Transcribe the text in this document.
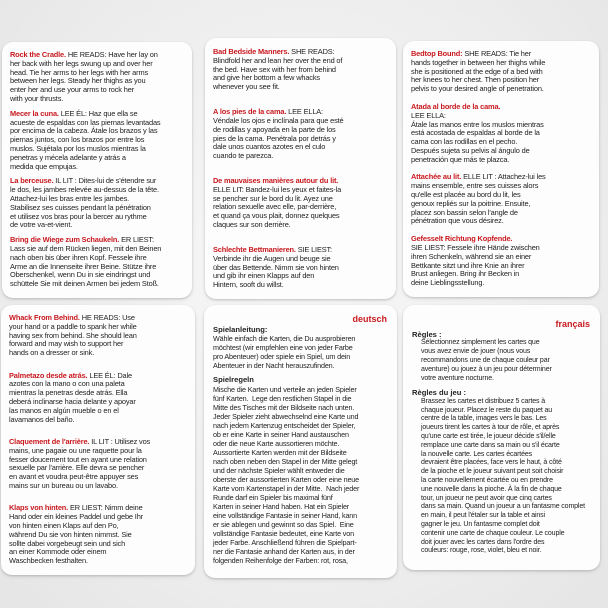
Rock the Cradle. HE READS: Have her lay on
her back with her legs swung up and over her
head. Tie her arms to her legs with her arms
between her legs. Steady her thighs as you
enter her and use your arms to rock her
with your thrusts.
Mecer la cuna. LEE ÉL: Haz que ella se
acueste de espaldas con las piernas levantadas
por encima de la cabeza. Átale los brazos y las
piernas juntos, con los brazos por entre los
muslos. Sujétala por los muslos mientras la
penetras y mécela adelante y atrás a
medida que empujas.
La berceuse. IL LIT : Dites-lui de s'étendre sur
le dos, les jambes relevée au-dessus de la tête.
Attachez-lui les bras entre les jambes.
Stabilisez ses cuisses pendant la pénétration
et utilisez vos bras pour la bercer au rythme
de votre va-et-vient.
Bring die Wiege zum Schaukeln. ER LIEST:
Lass sie auf dem Rücken liegen, mit den Beinen
nach oben bis über ihren Kopf. Fessele ihre
Arme an die Innenseite ihrer Beine. Stütze ihre
Oberschenkel, wenn Du in sie eindringst und
schüttele Sie mit deinen Armen bei jedem Stoß.
Bad Bedside Manners. SHE READS:
Blindfold her and lean her over the end of
the bed. Have sex with her from behind
and give her bottom a few whacks
whenever you see fit.
A los pies de la cama. LEE ELLA:
Véndale los ojos e inclínala para que esté
de rodillas y apoyada en la parte de los
pies de la cama. Penétrala por detrás y
dale unos cuantos azotes en el culo
cuando te parezca.
De mauvaises manières autour du lit.
ELLE LIT: Bandez-lui les yeux et faites-la
se pencher sur le bord du lit. Ayez une
relation sexuelle avec elle, par-derrière,
et quand ça vous plait, donnez quelques
claques sur son derrière.
Schlechte Bettmanieren. SIE LIEST:
Verbinde ihr die Augen und beuge sie
über das Bettende. Nimm sie von hinten
und gib ihr einen Klapps auf den
Hintern, sooft du willst.
Bedtop Bound: SHE READS: Tie her
hands together in between her thighs while
she is positioned at the edge of a bed with
her knees to her chest. Then position her
pelvis to your desired angle of penetration.
Atada al borde de la cama.
LEE ELLA:
Átale las manos entre los muslos mientras
está acostada de espaldas al borde de la
cama con las rodillas en el pecho.
Después sujeta su pelvis al ángulo de
penetración que más te plazca.
Attachée au lit. ELLE LIT : Attachez-lui les
mains ensemble, entre ses cuisses alors
qu'elle est placée au bord du lit, les
genoux repliés sur la poitrine. Ensuite,
placez son bassin selon l'angle de
pénétration que vous désirez.
Gefesselt Richtung Kopfende.
SIE LIEST: Fessele ihre Hände zwischen
ihren Schenkeln, während sie an einer
Bettkante sitzt und ihre Knie an ihrer
Brust anliegen. Bring ihr Becken in
deine Lieblingsstellung.
Whack From Behind. HE READS: Use
your hand or a paddle to spank her while
having sex from behind. She should lean
forward and may wish to support her
hands on a dresser or sink.
Palmetazo desde atrás. LEE ÉL: Dale
azotes con la mano o con una paleta
mientras la penetras desde atrás. Ella
deberá inclinarse hacia delante y apoyar
las manos en algún mueble o en el
lavamanos del baño.
Claquement de l'arrière. IL LIT : Utilisez vos
mains, une pagaie ou une raquette pour la
fesser doucement tout en ayant une relation
sexuelle par l'arrière. Elle devra se pencher
en avant et voudra peut-être appuyer ses
mains sur un bureau ou un lavabo.
Klaps von hinten. ER LIEST: Nimm deine
Hand oder ein kleines Paddel und gebe Ihr
von hinten einen Klaps auf den Po,
während Du sie von hinten nimmst. Sie
sollte dabei vorgebeugt sein und sich
an einer Kommode oder einem
Waschbecken festhalten.
deutsch
Spielanleitung:
Wähle einfach die Karten, die Du ausprobieren
möchtest (wir empfehlen eine von jeder Farbe
pro Abenteuer) oder spiele ein Spiel, um dein
Abenteuer in der Nacht herauszufinden.
Spielregeln
Mische die Karten und verteile an jeden Spieler
fünf Karten.  Lege den restlichen Stapel in die
Mitte des Tisches mit der Bildseite nach unten.
Jeder Spieler zieht abwechselnd eine Karte und
nach jedem Kartenzug entscheidet der Spieler,
ob er eine Karte in seiner Hand austauschen
oder die neue Karte aussortieren möchte.
Aussortierte Karten werden mit der Bildseite
nach oben neben den Stapel in der Mitte gelegt
und der nächste Spieler wählt entweder die
oberste der aussortierten Karten oder eine neue
Karte vom Kartenstapel in der Mitte.  Nach jeder
Runde darf ein Spieler bis maximal fünf
Karten in seiner Hand haben. Hat ein Spieler
eine vollständige Fantasie in seiner Hand, kann
er sie ablegen und gewinnt so das Spiel.  Eine
vollständige Fantasie bedeutet, eine Karte von
jeder Farbe. Anschließend führen die Spielpart-
ner die Fantasie anhand der Karten aus, in der
folgenden Reihenfolge der Farben: rot, rosa,
français
Règles :
Sélectionnez simplement les cartes que
vous avez envie de jouer (nous vous
recommandons une de chaque couleur par
aventure) ou jouez à un jeu pour déterminer
votre aventure nocturne.
Règles du jeu :
Brassez les cartes et distribuez 5 cartes à
chaque joueur. Placez le reste du paquet au
centre de la table, images vers le bas. Les
joueurs tirent les cartes à tour de rôle, et après
qu'une carte est tirée, le joueur décide s'il/elle
remplace une carte dans sa main ou s'il écarte
la nouvelle carte. Les cartes écartées
devraient être placées, face vers le haut, à côté
de la pioche et le joueur suivant peut soit choisir
la carte nouvellement écartée ou en prendre
une nouvelle dans la pioche. À la fin de chaque
tour, un joueur ne peut avoir que cinq cartes
dans sa main. Quand un joueur a un fantasme complet
en main, il peut l'étaler sur la table et ainsi
gagner le jeu. Un fantasme complet doit
contenir une carte de chaque couleur. Le couple
doit jouer avec les cartes dans l'ordre des
couleurs: rouge, rose, violet, bleu et noir.
